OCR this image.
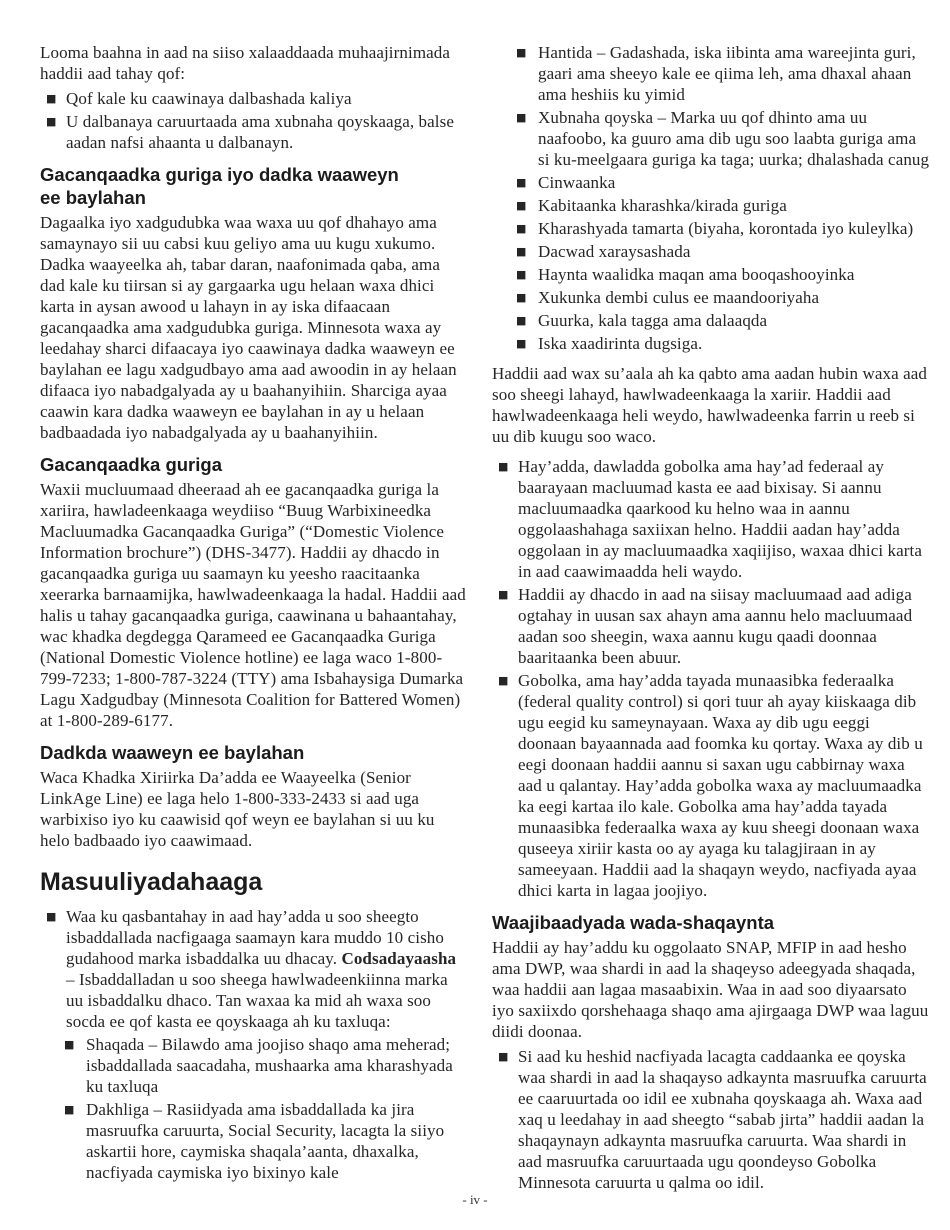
Looma baahna in aad na siiso xalaaddaada muhaajirnimada haddii aad tahay qof:

■ Qof kale ku caawinaya dalbashada kaliya
■ U dalbanaya caruurtaada ama xubnaha qoyskaaga, balse aadan nafsi ahaanta u dalbanayn.
Gacanqaadka guriga iyo dadka waaweyn ee baylahan

Dagaalka iyo xadgudubka waa waxa uu qof dhahayo ama samaynayo sii uu cabsi kuu geliyo ama uu kugu xukumo. Dadka waayeelka ah, tabar daran, naafonimada qaba, ama dad kale ku tiirsan si ay gargaarka ugu helaan waxa dhici karta in aysan awood u lahayn in ay iska difaacaan gacanqaadka ama xadgudubka guriga. Minnesota waxa ay leedahay sharci difaacaya iyo caawinaya dadka waaweyn ee baylahan ee lagu xadgudbayo ama aad awoodin in ay helaan difaaca iyo nabadgalyada ay u baahanyihiin. Sharciga ayaa caawin kara dadka waaweyn ee baylahan in ay u helaan badbaadada iyo nabadgalyada ay u baahanyihiin.

Gacanqaadka guriga

Waxii mucluumaad dheeraad ah ee gacanqaadka guriga la xariira, hawladeenkaaga weydiiso “Buug Warbixineedka Macluumadka Gacanqaadka Guriga” (“Domestic Violence Information brochure”) (DHS-3477). Haddii ay dhacdo in gacanqaadka guriga uu saamayn ku yeesho raacitaanka xeerarka barnaamijka, hawlwadeenkaaga la hadal. Haddii aad halis u tahay gacanqaadka guriga, caawinana u bahaantahay, wac khadka degdegga Qarameed ee Gacanqaadka Guriga (National Domestic Violence hotline) ee laga waco 1-800-799-7233; 1-800-787-3224 (TTY) ama Isbahaysiga Dumarka Lagu Xadgudbay (Minnesota Coalition for Battered Women) at 1-800-289-6177.

Dadkda waaweyn ee baylahan

Waca Khadka Xiriirka Da’adda ee Waayeelka (Senior LinkAge Line) ee laga helo 1-800-333-2433 si aad uga warbixiso iyo ku caawisid qof weyn ee baylahan si uu ku helo badbaado iyo caawimaad.

Masuuliyadahaaga
■ Waa ku qasbantahay in aad hay’adda u soo sheegto isbaddallada nacfigaaga saamayn kara muddo 10 cisho gudahood marka isbaddalka uu dhacay. Codsadayaasha – Isbaddalladan u soo sheega hawlwadeenkiinna marka uu isbaddalku dhaco. Tan waxaa ka mid ah waxa soo socda ee qof kasta ee qoyskaaga ah ku taxluqa:
■ Shaqada – Bilawdo ama joojiso shaqo ama meherad; isbaddallada saacadaha, mushaarka ama kharashyada ku taxluqa
■ Dakhliga – Rasiidyada ama isbaddallada ka jira masruufka caruurta, Social Security, lacagta la siiyo askartii hore, caymiska shaqala’aanta, dhaxalka, nacfiyada caymiska iyo bixinyo kale
■ Hantida – Gadashada, iska iibinta ama wareejinta guri, gaari ama sheeyo kale ee qiima leh, ama dhaxal ahaan ama heshiis ku yimid
■ Xubnaha qoyska – Marka uu qof dhinto ama uu naafoobo, ka guuro ama dib ugu soo laabta guriga ama si ku-meelgaara guriga ka taga; uurka; dhalashada canug
■ Cinwaanka
■ Kabitaanka kharashka/kirada guriga
■ Kharashyada tamarta (biyaha, korontada iyo kuleylka)
■ Dacwad xaraysashada
■ Haynta waalidka maqan ama booqashooyinka
■ Xukunka dembi culus ee maandooriyaha
■ Guurka, kala tagga ama dalaaqda
■ Iska xaadirinta dugsiga.

Haddii aad wax su’aala ah ka qabto ama aadan hubin waxa aad soo sheegi lahayd, hawlwadeenkaaga la xariir. Haddii aad hawlwadeenkaaga heli weydo, hawlwadeenka farrin u reeb si uu dib kuugu soo waco.

■ Hay’adda, dawladda gobolka ama hay’ad federaal ay baarayaan macluumad kasta ee aad bixisay. Si aannu macluumaadka qaarkood ku helno waa in aannu oggolaashahaga saxiixan helno. Haddii aadan hay’adda oggolaan in ay macluumaadka xaqiijiso, waxaa dhici karta in aad caawimaadda heli waydo.
■ Haddii ay dhacdo in aad na siisay macluumaad aad adiga ogtahay in uusan sax ahayn ama aannu helo macluumaad aadan soo sheegin, waxa aannu kugu qaadi doonnaa baaritaanka been abuur.
■ Gobolka, ama hay’adda tayada munaasibka federaalka (federal quality control) si qori tuur ah ayay kiiskaaga dib ugu eegid ku sameynayaan. Waxa ay dib ugu eeggi doonaan bayaannada aad foomka ku qortay. Waxa ay dib u eegi doonaan haddii aannu si saxan ugu cabbirnay waxa aad u qalantay. Hay’adda gobolka waxa ay macluumaadka ka eegi kartaa ilo kale. Gobolka ama hay’adda tayada munaasibka federaalka waxa ay kuu sheegi doonaan waxa quseeya xiriir kasta oo ay ayaga ku talagjiraan in ay sameeyaan. Haddii aad la shaqayn weydo, nacfiyada ayaa dhici karta in lagaa joojiyo.
Waajibaadyada wada-shaqaynta

Haddii ay hay’addu ku oggolaato SNAP, MFIP in aad hesho ama DWP, waa shardi in aad la shaqeyso adeegyada shaqada, waa haddii aan lagaa masaabixin. Waa in aad soo diyaarsato iyo saxiixdo qorshehaaga shaqo ama ajirgaaga DWP waa laguu diidi doonaa.

■ Si aad ku heshid nacfiyada lacagta caddaanka ee qoyska waa shardi in aad la shaqayso adkaynta masruufka caruurta ee caaruurtada oo idil ee xubnaha qoyskaaga ah. Waxa aad xaq u leedahay in aad sheegto “sabab jirta” haddii aadan la shaqaynayn adkaynta masruufka caruurta. Waa shardi in aad masruufka caruurtaada ugu qoondeyso Gobolka Minnesota caruurta u qalma oo idil.
- iv -
